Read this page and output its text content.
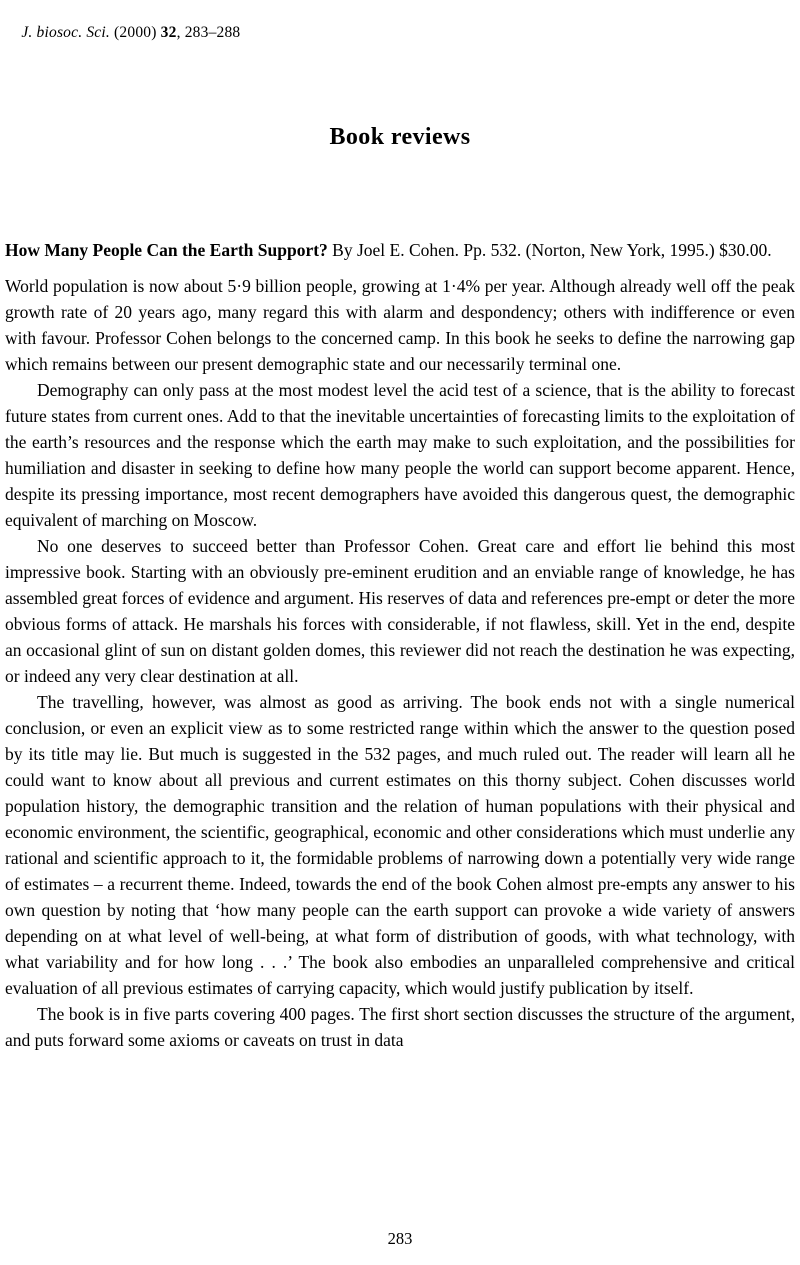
J. biosoc. Sci. (2000) 32, 283–288

Book reviews

How Many People Can the Earth Support? By Joel E. Cohen. Pp. 532. (Norton, New York, 1995.) $30.00.

World population is now about 5·9 billion people, growing at 1·4% per year. Although already well off the peak growth rate of 20 years ago, many regard this with alarm and despondency; others with indifference or even with favour. Professor Cohen belongs to the concerned camp. In this book he seeks to define the narrowing gap which remains between our present demographic state and our necessarily terminal one.

Demography can only pass at the most modest level the acid test of a science, that is the ability to forecast future states from current ones. Add to that the inevitable uncertainties of forecasting limits to the exploitation of the earth’s resources and the response which the earth may make to such exploitation, and the possibilities for humiliation and disaster in seeking to define how many people the world can support become apparent. Hence, despite its pressing importance, most recent demographers have avoided this dangerous quest, the demographic equivalent of marching on Moscow.

No one deserves to succeed better than Professor Cohen. Great care and effort lie behind this most impressive book. Starting with an obviously pre-eminent erudition and an enviable range of knowledge, he has assembled great forces of evidence and argument. His reserves of data and references pre-empt or deter the more obvious forms of attack. He marshals his forces with considerable, if not flawless, skill. Yet in the end, despite an occasional glint of sun on distant golden domes, this reviewer did not reach the destination he was expecting, or indeed any very clear destination at all.

The travelling, however, was almost as good as arriving. The book ends not with a single numerical conclusion, or even an explicit view as to some restricted range within which the answer to the question posed by its title may lie. But much is suggested in the 532 pages, and much ruled out. The reader will learn all he could want to know about all previous and current estimates on this thorny subject. Cohen discusses world population history, the demographic transition and the relation of human populations with their physical and economic environment, the scientific, geographical, economic and other considerations which must underlie any rational and scientific approach to it, the formidable problems of narrowing down a potentially very wide range of estimates – a recurrent theme. Indeed, towards the end of the book Cohen almost pre-empts any answer to his own question by noting that ‘how many people can the earth support can provoke a wide variety of answers depending on at what level of well-being, at what form of distribution of goods, with what technology, with what variability and for how long . . .’ The book also embodies an unparalleled comprehensive and critical evaluation of all previous estimates of carrying capacity, which would justify publication by itself.

The book is in five parts covering 400 pages. The first short section discusses the structure of the argument, and puts forward some axioms or caveats on trust in data

283
